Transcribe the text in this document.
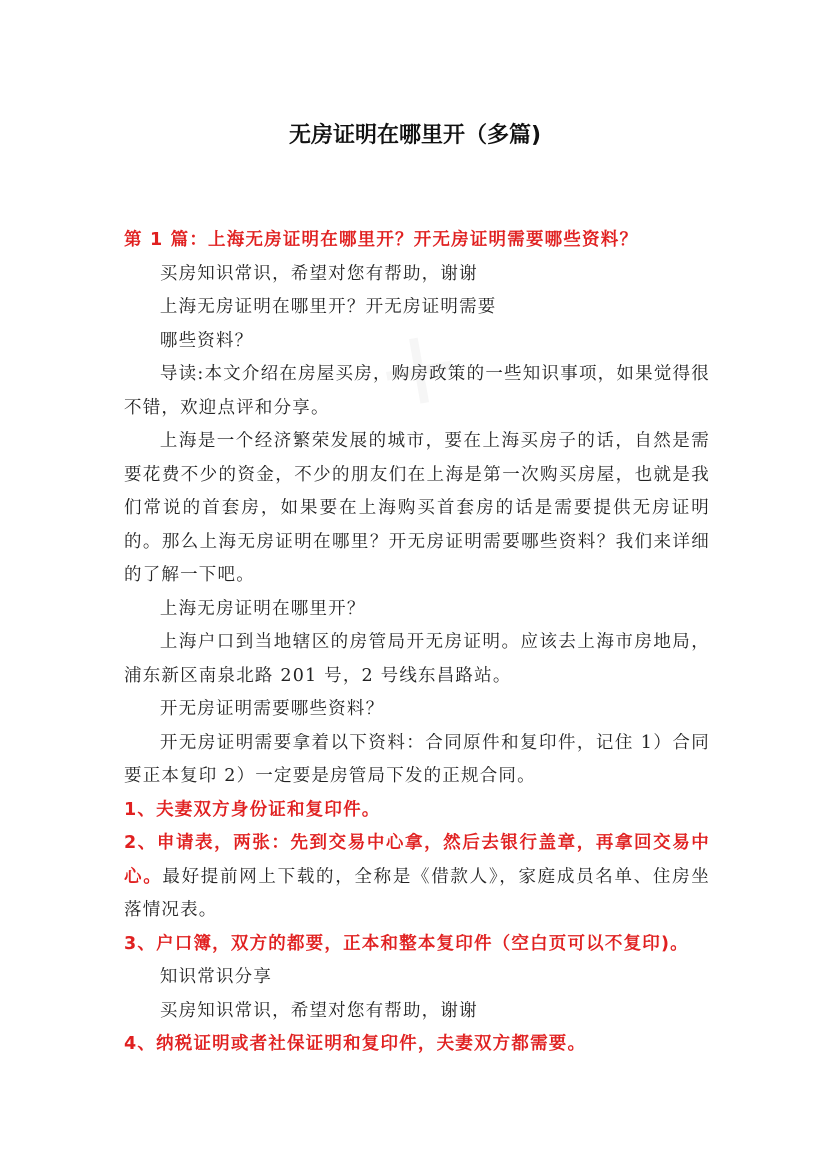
无房证明在哪里开（多篇)

第 1 篇：上海无房证明在哪里开？开无房证明需要哪些资料？

买房知识常识，希望对您有帮助，谢谢

上海无房证明在哪里开？开无房证明需要

哪些资料？

导读:本文介绍在房屋买房，购房政策的一些知识事项，如果觉得很不错，欢迎点评和分享。

上海是一个经济繁荣发展的城市，要在上海买房子的话，自然是需要花费不少的资金，不少的朋友们在上海是第一次购买房屋，也就是我们常说的首套房，如果要在上海购买首套房的话是需要提供无房证明的。那么上海无房证明在哪里？开无房证明需要哪些资料？我们来详细的了解一下吧。

上海无房证明在哪里开？

上海户口到当地辖区的房管局开无房证明。应该去上海市房地局，浦东新区南泉北路 201 号，2 号线东昌路站。

开无房证明需要哪些资料？

开无房证明需要拿着以下资料：合同原件和复印件，记住 1）合同要正本复印 2）一定要是房管局下发的正规合同。

1、夫妻双方身份证和复印件。

2、申请表，两张：先到交易中心拿，然后去银行盖章，再拿回交易中心。最好提前网上下载的，全称是《借款人》，家庭成员名单、住房坐落情况表。

3、户口簿，双方的都要，正本和整本复印件（空白页可以不复印)。

知识常识分享

买房知识常识，希望对您有帮助，谢谢

4、纳税证明或者社保证明和复印件，夫妻双方都需要。
